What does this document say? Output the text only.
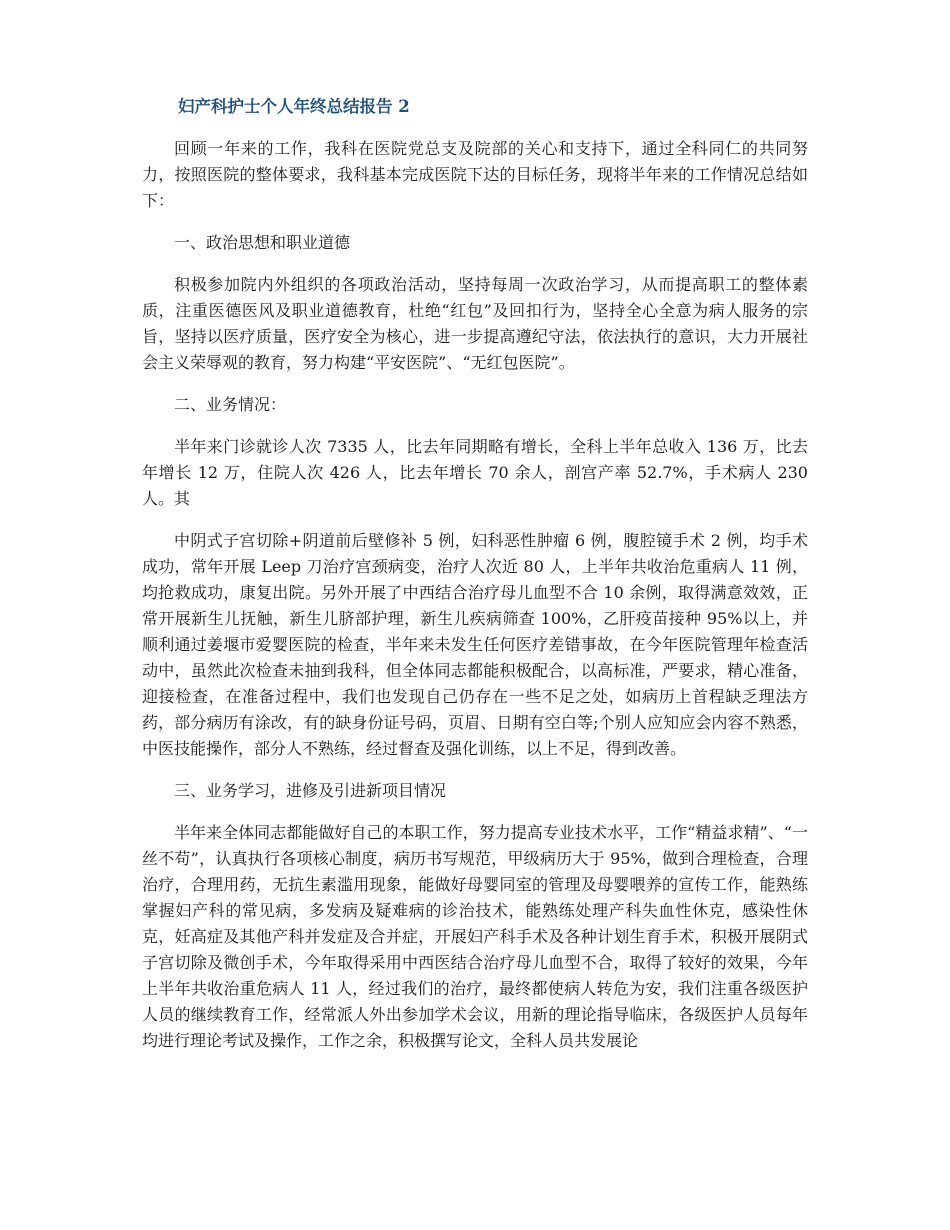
妇产科护士个人年终总结报告 2
回顾一年来的工作，我科在医院党总支及院部的关心和支持下，通过全科同仁的共同努力，按照医院的整体要求，我科基本完成医院下达的目标任务，现将半年来的工作情况总结如下：
一、政治思想和职业道德
积极参加院内外组织的各项政治活动，坚持每周一次政治学习，从而提高职工的整体素质，注重医德医风及职业道德教育，杜绝“红包”及回扣行为，坚持全心全意为病人服务的宗旨，坚持以医疗质量，医疗安全为核心，进一步提高遵纪守法，依法执行的意识，大力开展社会主义荣辱观的教育，努力构建“平安医院”、“无红包医院”。
二、业务情况：
半年来门诊就诊人次 7335 人，比去年同期略有增长，全科上半年总收入 136 万，比去年增长 12 万，住院人次 426 人，比去年增长 70 余人，剖宫产率 52.7%，手术病人 230 人。其
中阴式子宫切除+阴道前后壁修补 5 例，妇科恶性肿瘤 6 例，腹腔镜手术 2 例，均手术成功，常年开展 Leep 刀治疗宫颈病变，治疗人次近 80 人，上半年共收治危重病人 11 例，均抢救成功，康复出院。另外开展了中西结合治疗母儿血型不合 10 余例，取得满意效效，正常开展新生儿抚触，新生儿脐部护理，新生儿疾病筛查 100%，乙肝疫苗接种 95%以上，并顺利通过姜堰市爱婴医院的检查，半年来未发生任何医疗差错事故，在今年医院管理年检查活动中，虽然此次检查未抽到我科，但全体同志都能积极配合，以高标准，严要求，精心准备，迎接检查，在准备过程中，我们也发现自己仍存在一些不足之处，如病历上首程缺乏理法方药，部分病历有涂改，有的缺身份证号码，页眉、日期有空白等;个别人应知应会内容不熟悉，中医技能操作，部分人不熟练，经过督查及强化训练，以上不足，得到改善。
三、业务学习，进修及引进新项目情况
半年来全体同志都能做好自己的本职工作，努力提高专业技术水平，工作“精益求精”、“一丝不苟”，认真执行各项核心制度，病历书写规范，甲级病历大于 95%，做到合理检查，合理治疗，合理用药，无抗生素滥用现象，能做好母婴同室的管理及母婴喂养的宣传工作，能熟练掌握妇产科的常见病，多发病及疑难病的诊治技术，能熟练处理产科失血性休克，感染性休克，妊高症及其他产科并发症及合并症，开展妇产科手术及各种计划生育手术，积极开展阴式子宫切除及微创手术，今年取得采用中西医结合治疗母儿血型不合，取得了较好的效果，今年上半年共收治重危病人 11 人，经过我们的治疗，最终都使病人转危为安，我们注重各级医护人员的继续教育工作，经常派人外出参加学术会议，用新的理论指导临床，各级医护人员每年均进行理论考试及操作，工作之余，积极撰写论文，全科人员共发展论
